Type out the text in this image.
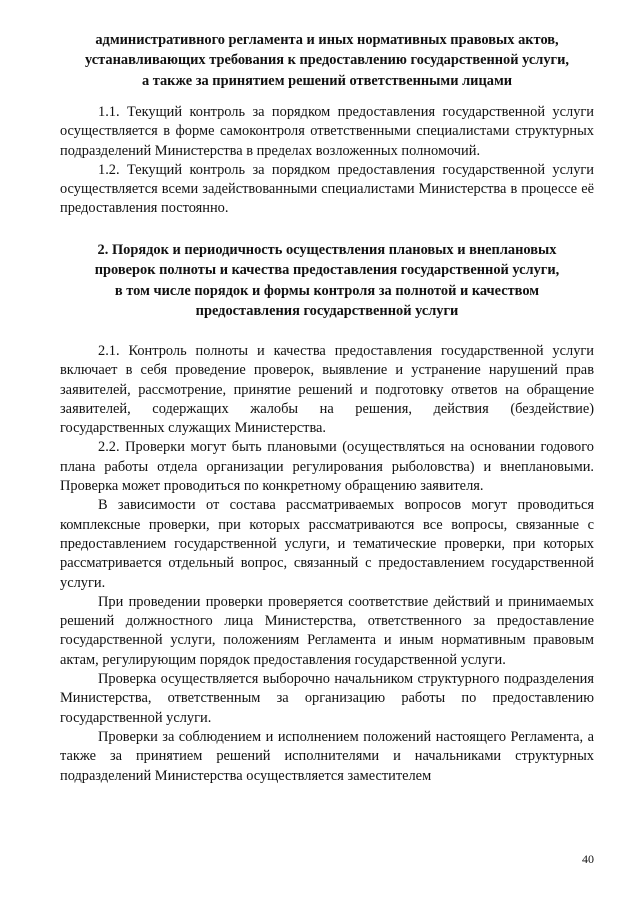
административного регламента и иных нормативных правовых актов,
устанавливающих требования к предоставлению государственной услуги,
а также за принятием решений ответственными лицами

1.1. Текущий контроль за порядком предоставления государственной услуги осуществляется в форме самоконтроля ответственными специалистами структурных подразделений Министерства в пределах возложенных полномочий.

1.2. Текущий контроль за порядком предоставления государственной услуги осуществляется всеми задействованными специалистами Министерства в процессе её предоставления постоянно.

2. Порядок и периодичность осуществления плановых и внеплановых
проверок полноты и качества предоставления государственной услуги,
в том числе порядок и формы контроля за полнотой и качеством
предоставления государственной услуги

2.1. Контроль полноты и качества предоставления государственной услуги включает в себя проведение проверок, выявление и устранение нарушений прав заявителей, рассмотрение, принятие решений и подготовку ответов на обращение заявителей, содержащих жалобы на решения, действия (бездействие) государственных служащих Министерства.

2.2. Проверки могут быть плановыми (осуществляться на основании годового плана работы отдела организации регулирования рыболовства) и внеплановыми. Проверка может проводиться по конкретному обращению заявителя.

В зависимости от состава рассматриваемых вопросов могут проводиться комплексные проверки, при которых рассматриваются все вопросы, связанные с предоставлением государственной услуги, и тематические проверки, при которых рассматривается отдельный вопрос, связанный с предоставлением государственной услуги.

При проведении проверки проверяется соответствие действий и принимаемых решений должностного лица Министерства, ответственного за предоставление государственной услуги, положениям Регламента и иным нормативным правовым актам, регулирующим порядок предоставления государственной услуги.

Проверка осуществляется выборочно начальником структурного подразделения Министерства, ответственным за организацию работы по предоставлению государственной услуги.

Проверки за соблюдением и исполнением положений настоящего Регламента, а также за принятием решений исполнителями и начальниками структурных подразделений Министерства осуществляется заместителем

40
